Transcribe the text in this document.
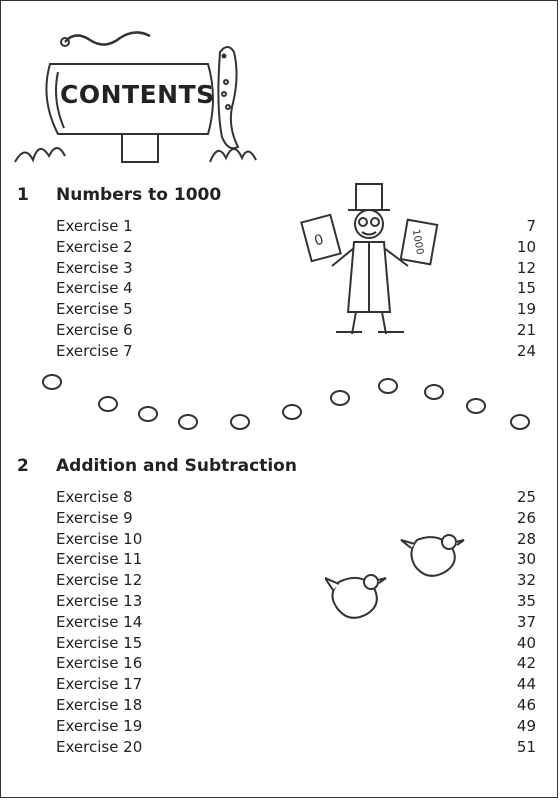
CONTENTS
1 Numbers to 1000
Exercise 1	7
Exercise 2	10
Exercise 3	12
Exercise 4	15
Exercise 5	19
Exercise 6	21
Exercise 7	24
0	1000
2 Addition and Subtraction
Exercise 8	25
Exercise 9	26
Exercise 10	28
Exercise 11	30
Exercise 12	32
Exercise 13	35
Exercise 14	37
Exercise 15	40
Exercise 16	42
Exercise 17	44
Exercise 18	46
Exercise 19	49
Exercise 20	51
